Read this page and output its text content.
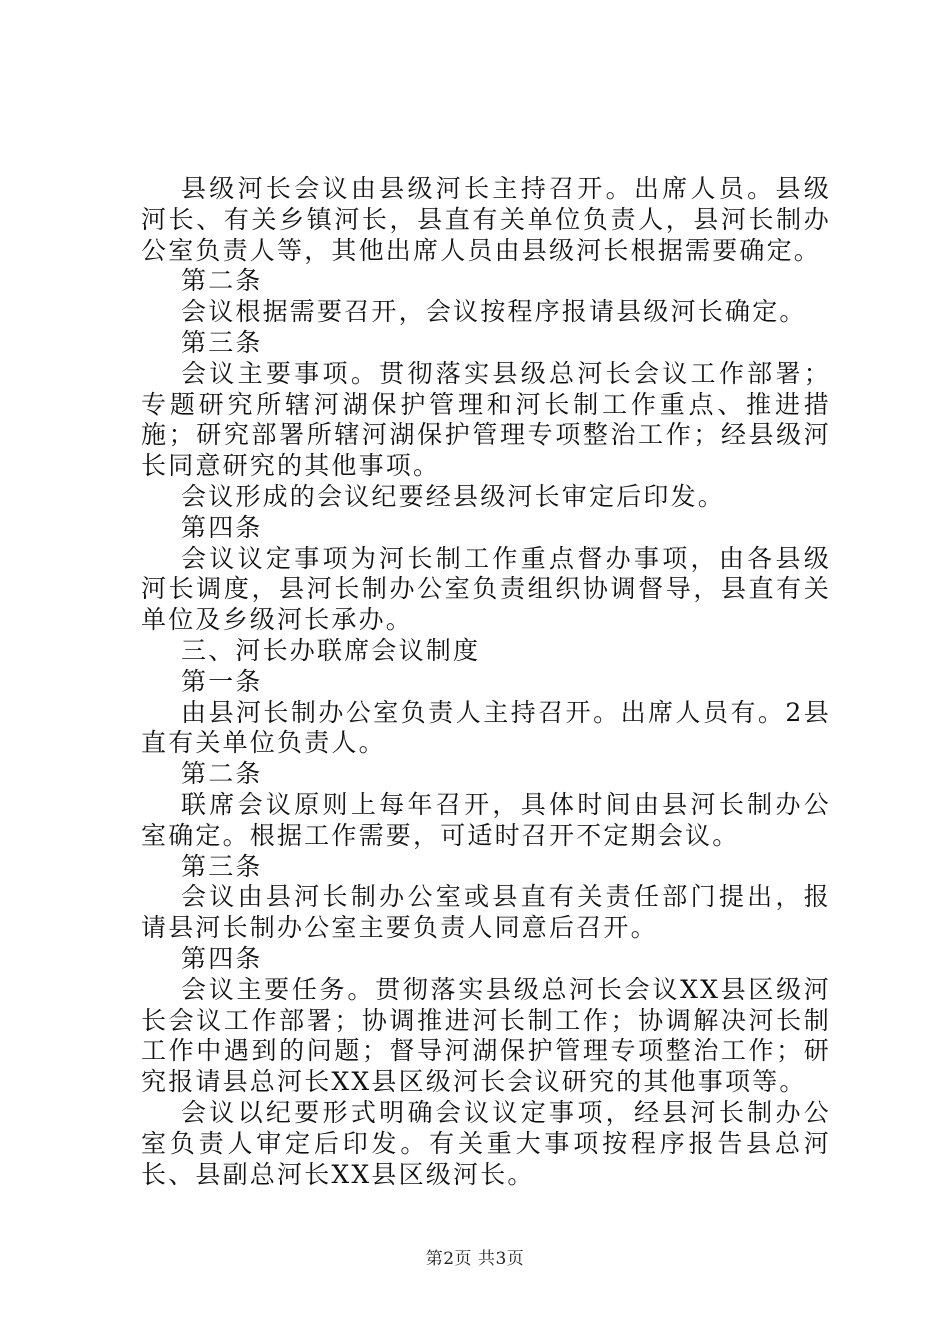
县级河长会议由县级河长主持召开。出席人员。县级河长、有关乡镇河长，县直有关单位负责人，县河长制办公室负责人等，其他出席人员由县级河长根据需要确定。

第二条

会议根据需要召开，会议按程序报请县级河长确定。

第三条

会议主要事项。贯彻落实县级总河长会议工作部署；专题研究所辖河湖保护管理和河长制工作重点、推进措施；研究部署所辖河湖保护管理专项整治工作；经县级河长同意研究的其他事项。

会议形成的会议纪要经县级河长审定后印发。

第四条

会议议定事项为河长制工作重点督办事项，由各县级河长调度，县河长制办公室负责组织协调督导，县直有关单位及乡级河长承办。

三、河长办联席会议制度

第一条

由县河长制办公室负责人主持召开。出席人员有。2县直有关单位负责人。

第二条

联席会议原则上每年召开，具体时间由县河长制办公室确定。根据工作需要，可适时召开不定期会议。

第三条

会议由县河长制办公室或县直有关责任部门提出，报请县河长制办公室主要负责人同意后召开。

第四条

会议主要任务。贯彻落实县级总河长会议XX县区级河长会议工作部署；协调推进河长制工作；协调解决河长制工作中遇到的问题；督导河湖保护管理专项整治工作；研究报请县总河长XX县区级河长会议研究的其他事项等。

会议以纪要形式明确会议议定事项，经县河长制办公室负责人审定后印发。有关重大事项按程序报告县总河长、县副总河长XX县区级河长。

第2页 共3页
